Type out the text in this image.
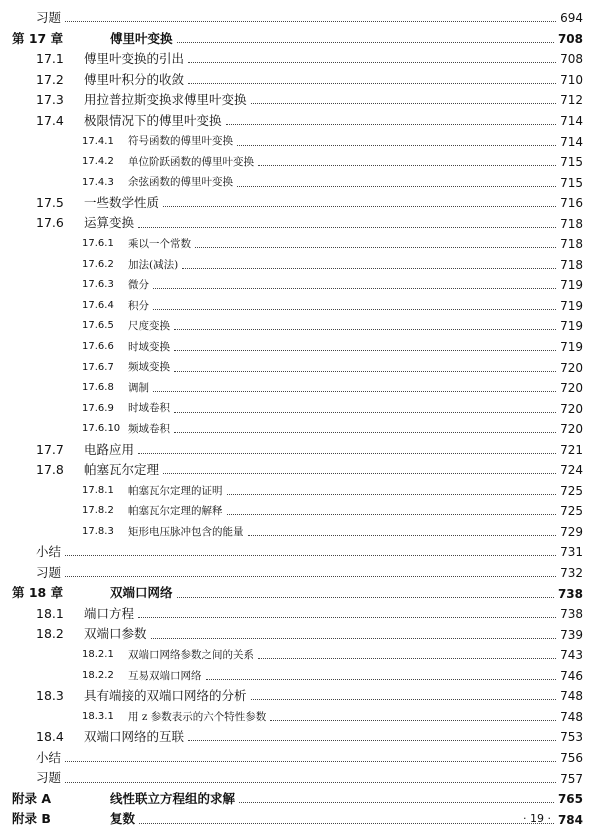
习题	694
第 17 章	傅里叶变换	708
17.1	傅里叶变换的引出	708
17.2	傅里叶积分的收敛	710
17.3	用拉普拉斯变换求傅里叶变换	712
17.4	极限情况下的傅里叶变换	714
17.4.1	符号函数的傅里叶变换	714
17.4.2	单位阶跃函数的傅里叶变换	715
17.4.3	余弦函数的傅里叶变换	715
17.5	一些数学性质	716
17.6	运算变换	718
17.6.1	乘以一个常数	718
17.6.2	加法(减法)	718
17.6.3	微分	719
17.6.4	积分	719
17.6.5	尺度变换	719
17.6.6	时域变换	719
17.6.7	频域变换	720
17.6.8	调制	720
17.6.9	时域卷积	720
17.6.10 频域卷积	720
17.7	电路应用	721
17.8	帕塞瓦尔定理	724
17.8.1	帕塞瓦尔定理的证明	725
17.8.2	帕塞瓦尔定理的解释	725
17.8.3	矩形电压脉冲包含的能量	729
小结	731
习题	732
第 18 章	双端口网络	738
18.1	端口方程	738
18.2	双端口参数	739
18.2.1	双端口网络参数之间的关系	743
18.2.2	互易双端口网络	746
18.3	具有端接的双端口网络的分析	748
18.3.1	用 z 参数表示的六个特性参数	748
18.4	双端口网络的互联	753
小结	756
习题	757
附录 A	线性联立方程组的求解	765
附录 B	复数	784
· 19 ·
